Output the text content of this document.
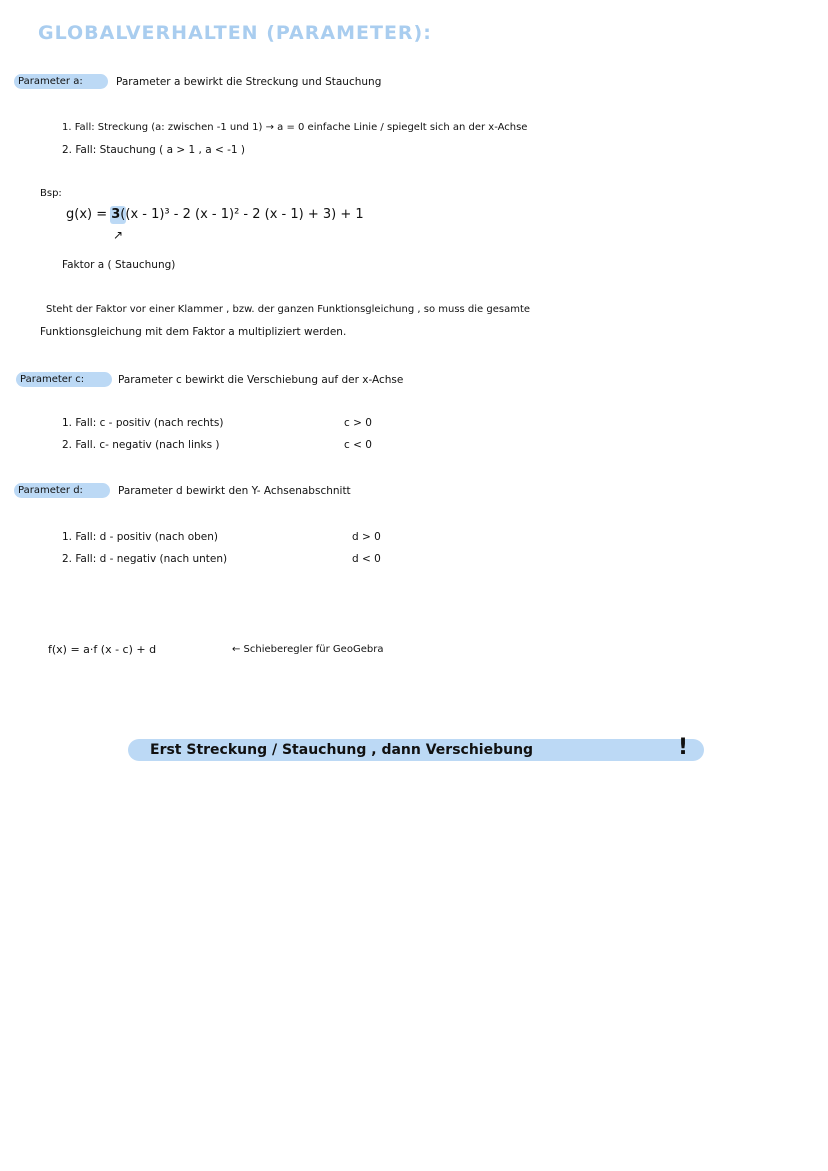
GLOBALVERHALTEN (PARAMETER):
Parameter a:	Parameter a bewirkt die Streckung und Stauchung
1. Fall: Streckung (a: zwischen -1 und 1) → a = 0 einfache Linie / spiegelt sich an der x-Achse
2. Fall: Stauchung ( a > 1 , a < -1 )
Bsp:
g(x) = 3((x - 1)³ - 2 (x - 1)² - 2 (x - 1) + 3) + 1
↗
Faktor a ( Stauchung)
Steht der Faktor vor einer Klammer , bzw. der ganzen Funktionsgleichung , so muss die gesamte
Funktionsgleichung mit dem Faktor a multipliziert werden.
Parameter c:	Parameter c bewirkt die Verschiebung auf der x-Achse
1. Fall: c - positiv (nach rechts)	c > 0
2. Fall. c- negativ (nach links )	c < 0
Parameter d:	Parameter d bewirkt den Y- Achsenabschnitt
1. Fall: d - positiv (nach oben)	d > 0
2. Fall: d - negativ (nach unten)	d < 0
f(x) = a·f (x - c) + d	← Schieberegler für GeoGebra
Erst Streckung / Stauchung , dann Verschiebung	!
